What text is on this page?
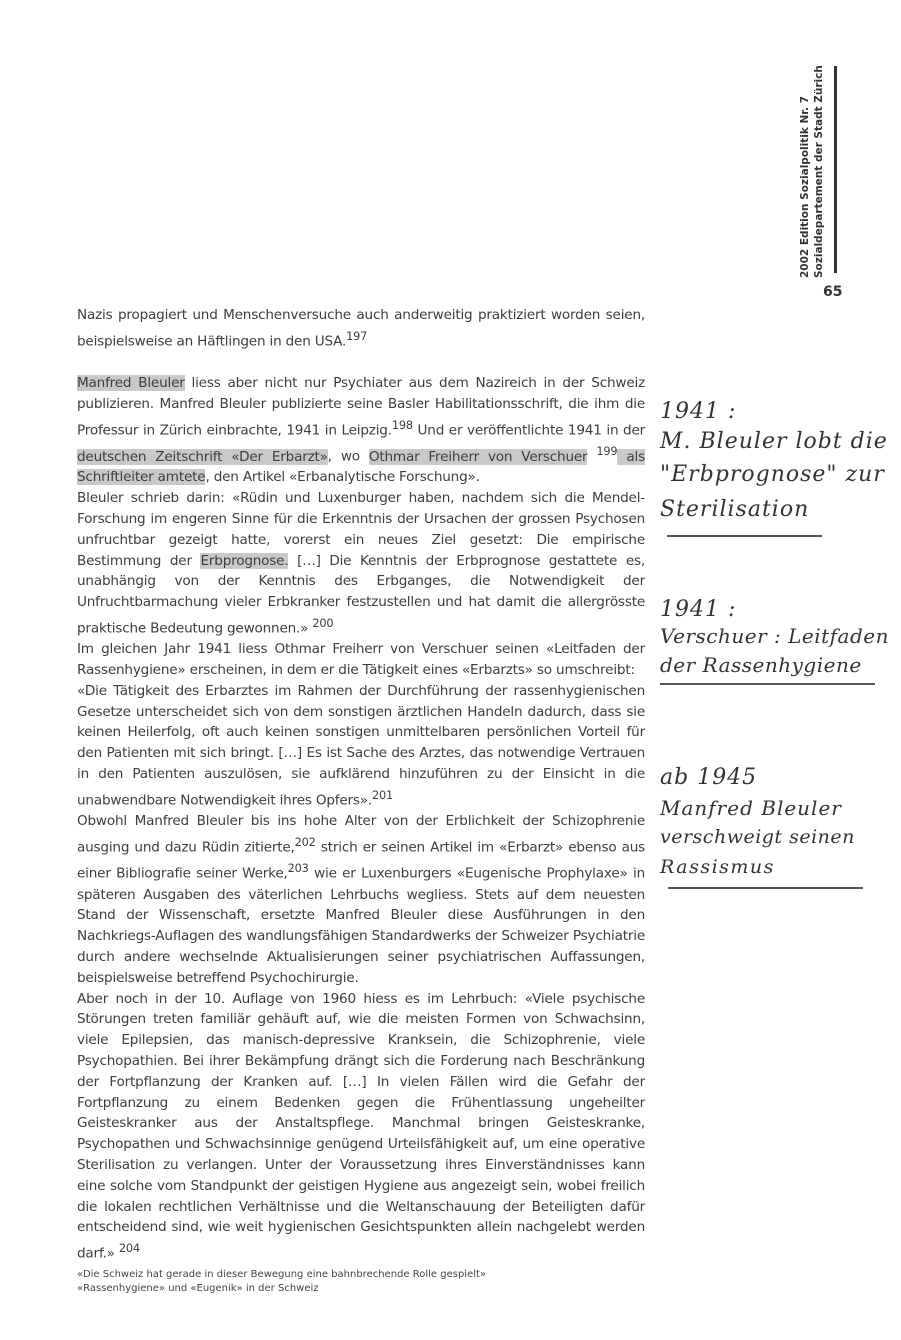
2002 Edition Sozialpolitik Nr. 7 Sozialdepartement der Stadt Zürich
65

Nazis propagiert und Menschenversuche auch anderweitig praktiziert worden seien, beispielsweise an Häftlingen in den USA.$^{197}$

Manfred Bleuler liess aber nicht nur Psychiater aus dem Nazireich in der Schweiz publizieren. Manfred Bleuler publizierte seine Basler Habilitationsschrift, die ihm die Professur in Zürich einbrachte, 1941 in Leipzig.$^{198}$ Und er veröffentlichte 1941 in der deutschen Zeitschrift «Der Erbarzt», wo Othmar Freiherr von Verschuer $^{199}$ als Schriftleiter amtete, den Artikel «Erbanalytische Forschung».

Bleuler schrieb darin: «Rüdin und Luxenburger haben, nachdem sich die Mendel-Forschung im engeren Sinne für die Erkenntnis der Ursachen der grossen Psychosen unfruchtbar gezeigt hatte, vorerst ein neues Ziel gesetzt: Die empirische Bestimmung der Erbprognose. […] Die Kenntnis der Erbprognose gestattete es, unabhängig von der Kenntnis des Erbganges, die Notwendigkeit der Unfruchtbarmachung vieler Erbkranker festzustellen und hat damit die allergrösste praktische Bedeutung gewonnen.» $^{200}$

Im gleichen Jahr 1941 liess Othmar Freiherr von Verschuer seinen «Leitfaden der Rassenhygiene» erscheinen, in dem er die Tätigkeit eines «Erbarzts» so umschreibt:

«Die Tätigkeit des Erbarztes im Rahmen der Durchführung der rassenhygienischen Gesetze unterscheidet sich von dem sonstigen ärztlichen Handeln dadurch, dass sie keinen Heilerfolg, oft auch keinen sonstigen unmittelbaren persönlichen Vorteil für den Patienten mit sich bringt. […] Es ist Sache des Arztes, das notwendige Vertrauen in den Patienten auszulösen, sie aufklärend hinzuführen zu der Einsicht in die unabwendbare Notwendigkeit ihres Opfers».$^{201}$

Obwohl Manfred Bleuler bis ins hohe Alter von der Erblichkeit der Schizophrenie ausging und dazu Rüdin zitierte,$^{202}$ strich er seinen Artikel im «Erbarzt» ebenso aus einer Bibliografie seiner Werke,$^{203}$ wie er Luxenburgers «Eugenische Prophylaxe» in späteren Ausgaben des väterlichen Lehrbuchs wegliess. Stets auf dem neuesten Stand der Wissenschaft, ersetzte Manfred Bleuler diese Ausführungen in den Nachkriegs-Auflagen des wandlungsfähigen Standardwerks der Schweizer Psychiatrie durch andere wechselnde Aktualisierungen seiner psychiatrischen Auffassungen, beispielsweise betreffend Psychochirurgie.

Aber noch in der 10. Auflage von 1960 hiess es im Lehrbuch: «Viele psychische Störungen treten familiär gehäuft auf, wie die meisten Formen von Schwachsinn, viele Epilepsien, das manisch-depressive Kranksein, die Schizophrenie, viele Psychopathien. Bei ihrer Bekämpfung drängt sich die Forderung nach Beschränkung der Fortpflanzung der Kranken auf. […] In vielen Fällen wird die Gefahr der Fortpflanzung zu einem Bedenken gegen die Frühentlassung ungeheilter Geisteskranker aus der Anstaltspflege. Manchmal bringen Geisteskranke, Psychopathen und Schwachsinnige genügend Urteilsfähigkeit auf, um eine operative Sterilisation zu verlangen. Unter der Voraussetzung ihres Einverständnisses kann eine solche vom Standpunkt der geistigen Hygiene aus angezeigt sein, wobei freilich die lokalen rechtlichen Verhältnisse und die Weltanschauung der Beteiligten dafür entscheidend sind, wie weit hygienischen Gesichtspunkten allein nachgelebt werden darf.» $^{204}$

«Die Schweiz hat gerade in dieser Bewegung eine bahnbrechende Rolle gespielt»
«Rassenhygiene» und «Eugenik» in der Schweiz
1941 :
M. Bleuler lobt die
"Erbprognose" zur
Sterilisation
1941 :
Verschuer : Leitfaden
der Rassenhygiene
ab 1945
Manfred Bleuler
verschweigt seinen
Rassismus
